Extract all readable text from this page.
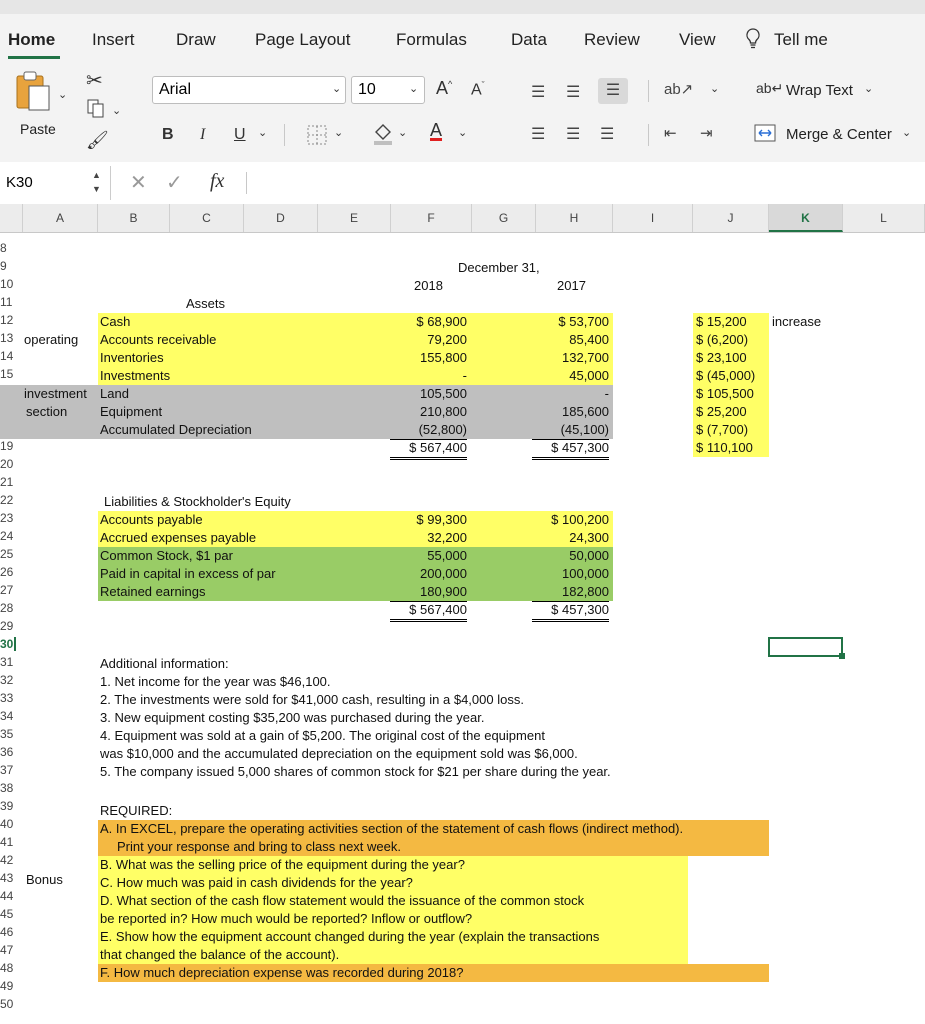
Home Insert Draw Page Layout	Formulas	Data Review View	Tell me
⌄
Paste
✂
⌄
🖌
Arial	⌄	10	⌄ A^ $A^ˇ$
B I U ⌄	⌄	⌄ A ⌄
☰ ☰	☰	ab↗ ⌄
☰ ☰ ☰	⇤ ⇥
ab↵ Wrap Text ⌄
Merge & Center ⌄
K30	▲
▼ ✕ ✓ fx
A	B	C	D	E	F	G	H	I	J	K	L
8
9
10
11
12
13
14
15
19
20
21
22
23
24
25
26
27
28
29
30
31
32
33
34
35
36
37
38
39
40
41
42
43
44
45
46
47
48
49
50
December 31,
2018	2017
Assets
operating
investment
section
Cash	$ 68,900	$ 53,700	$ 15,200 increase
Accounts receivable	79,200	85,400	$ (6,200)
Inventories	155,800	132,700	$ 23,100
Investments	-	45,000	$ (45,000)
Land	105,500	-	$ 105,500
Equipment	210,800	185,600	$ 25,200
Accumulated Depreciation	(52,800)	(45,100)	$ (7,700)
$ 567,400	$ 457,300	$ 110,100
Liabilities & Stockholder's Equity
Accounts payable	$ 99,300	$ 100,200
Accrued expenses payable	32,200	24,300
Common Stock, $1 par	55,000	50,000
Paid in capital in excess of par	200,000	100,000
Retained earnings	180,900	182,800
$ 567,400	$ 457,300
Additional information:
1. Net income for the year was $46,100.
2. The investments were sold for $41,000 cash, resulting in a $4,000 loss.
3. New equipment costing $35,200 was purchased during the year.
4. Equipment was sold at a gain of $5,200. The original cost of the equipment
was $10,000 and the accumulated depreciation on the equipment sold was $6,000.
5. The company issued 5,000 shares of common stock for $21 per share during the year.
Bonus
REQUIRED:
A. In EXCEL, prepare the operating activities section of the statement of cash flows (indirect method).
Print your response and bring to class next week.
B. What was the selling price of the equipment during the year?
C. How much was paid in cash dividends for the year?
D. What section of the cash flow statement would the issuance of the common stock
be reported in? How much would be reported? Inflow or outflow?
E. Show how the equipment account changed during the year (explain the transactions
that changed the balance of the account).
F. How much depreciation expense was recorded during 2018?
